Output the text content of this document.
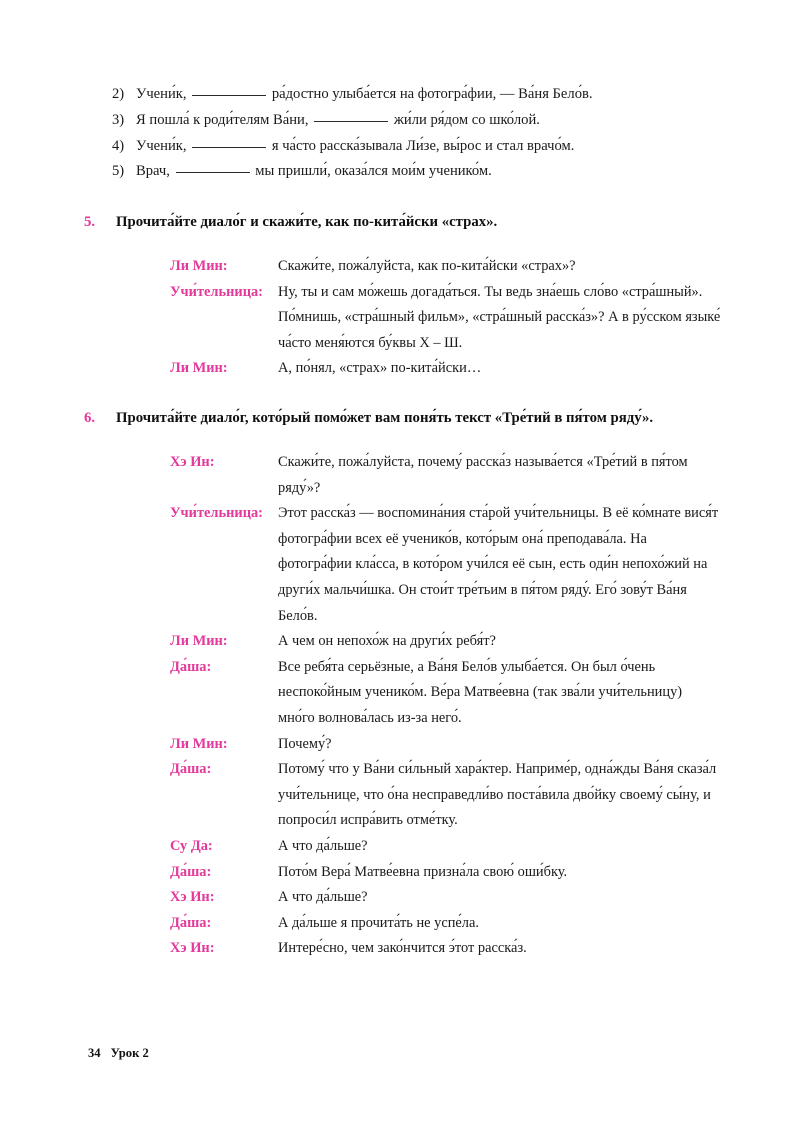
2) Учени́к,	ра́достно улыба́ется на фотогра́фии, — Ва́ня Бело́в.
3) Я пошла́ к роди́телям Ва́ни,	жи́ли ря́дом со шко́лой.
4) Учени́к,	я ча́сто расска́зывала Ли́зе, вы́рос и стал врачо́м.
5) Врач,	мы пришли́, оказа́лся мои́м ученико́м.
5.	Прочита́йте диало́г и скажи́те, как по-кита́йски «страх».
Ли Мин:	Скажи́те, пожа́луйста, как по-кита́йски «страх»?
Учи́тельница:	Ну, ты и сам мо́жешь догада́ться. Ты ведь зна́ешь сло́во «стра́шный». По́мнишь, «стра́шный фильм», «стра́шный расска́з»? А в ру́сском языке́ ча́сто меня́ются бу́квы Х – Ш.
Ли Мин:	А, по́нял, «страх» по-кита́йски…
6.	Прочита́йте диало́г, кото́рый помо́жет вам поня́ть текст «Тре́тий в пя́том ряду́».
Хэ Ин:	Скажи́те, пожа́луйста, почему́ расска́з называ́ется «Тре́тий в пя́том ряду́»?
Учи́тельница:	Этот расска́з — воспомина́ния ста́рой учи́тельницы. В её ко́мнате вися́т фотогра́фии всех её ученико́в, кото́рым она́ преподава́ла. На фотогра́фии кла́сса, в кото́ром учи́лся её сын, есть оди́н непохо́жий на други́х мальчи́шка. Он стои́т тре́тьим в пя́том ряду́. Его́ зову́т Ва́ня Бело́в.
Ли Мин:	А чем он непохо́ж на други́х ребя́т?
Да́ша:	Все ребя́та серьёзные, а Ва́ня Бело́в улыба́ется. Он был о́чень неспоко́йным ученико́м. Ве́ра Матве́евна (так зва́ли учи́тельницу) мно́го волнова́лась из-за него́.
Ли Мин:	Почему́?
Да́ша:	Потому́ что у Ва́ни си́льный хара́ктер. Наприме́р, одна́жды Ва́ня сказа́л учи́тельнице, что о́на несправедли́во поста́вила дво́йку своему́ сы́ну, и попроси́л испра́вить отме́тку.
Су Да:	А что да́льше?
Да́ша:	Пото́м Вера́ Матве́евна призна́ла свою́ оши́бку.
Хэ Ин:	А что да́льше?
Да́ша:	А да́льше я прочита́ть не успе́ла.
Хэ Ин:	Интере́сно, чем зако́нчится э́тот расска́з.
34 Урок 2
